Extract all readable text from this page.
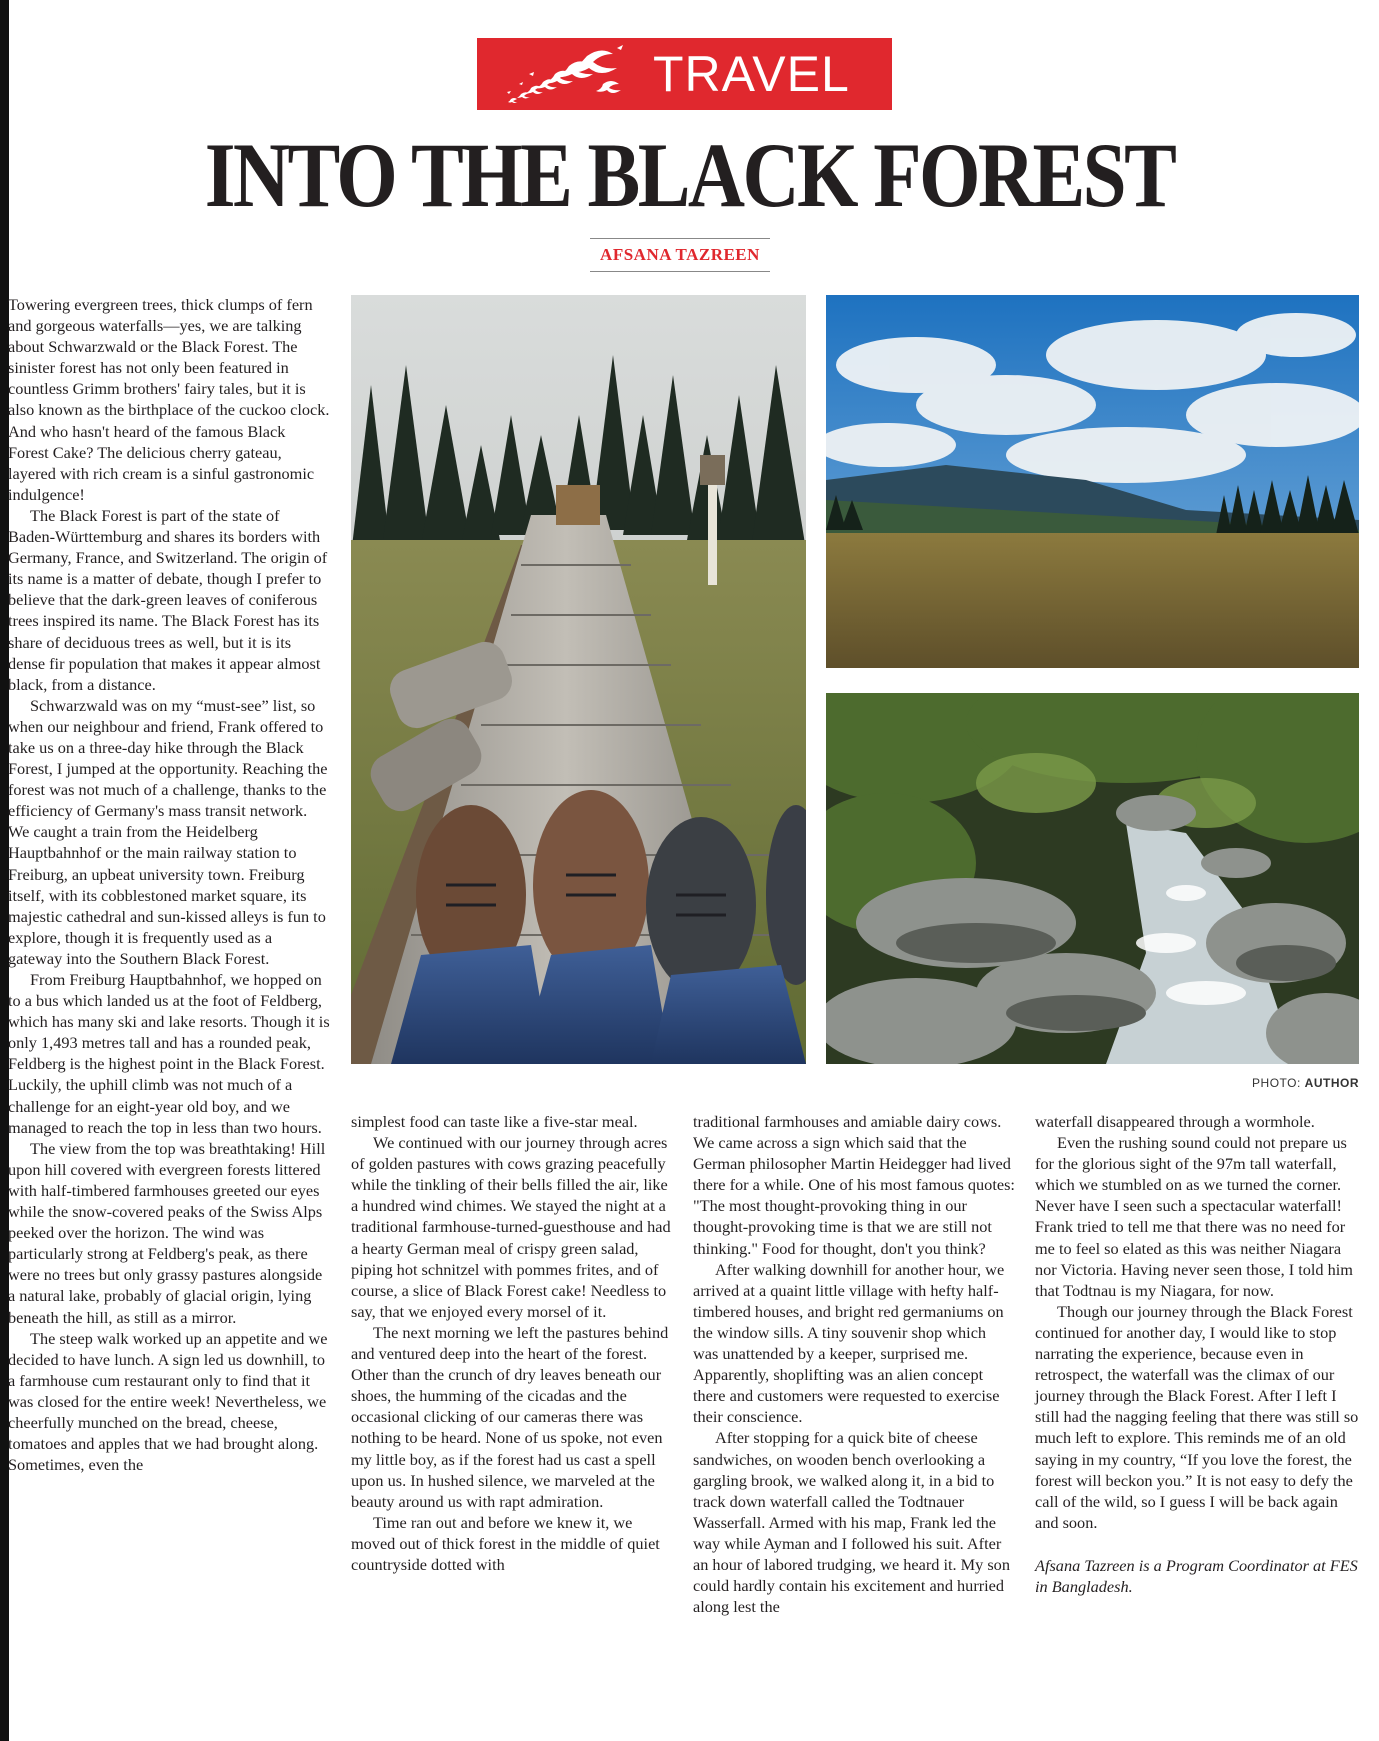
TRAVEL
INTO THE BLACK FOREST
AFSANA TAZREEN

Towering evergreen trees, thick clumps of fern and gorgeous waterfalls—yes, we are talking about Schwarzwald or the Black Forest. The sinister forest has not only been featured in countless Grimm brothers' fairy tales, but it is also known as the birthplace of the cuckoo clock. And who hasn't heard of the famous Black Forest Cake? The delicious cherry gateau, layered with rich cream is a sinful gastronomic indulgence!

The Black Forest is part of the state of Baden-Württemburg and shares its borders with Germany, France, and Switzerland. The origin of its name is a matter of debate, though I prefer to believe that the dark-green leaves of coniferous trees inspired its name. The Black Forest has its share of deciduous trees as well, but it is its dense fir population that makes it appear almost black, from a distance.

Schwarzwald was on my “must-see” list, so when our neighbour and friend, Frank offered to take us on a three-day hike through the Black Forest, I jumped at the opportunity. Reaching the forest was not much of a challenge, thanks to the efficiency of Germany's mass transit network. We caught a train from the Heidelberg Hauptbahnhof or the main railway station to Freiburg, an upbeat university town. Freiburg itself, with its cobblestoned market square, its majestic cathedral and sun-kissed alleys is fun to explore, though it is frequently used as a gateway into the Southern Black Forest.

From Freiburg Hauptbahnhof, we hopped on to a bus which landed us at the foot of Feldberg, which has many ski and lake resorts. Though it is only 1,493 metres tall and has a rounded peak, Feldberg is the highest point in the Black Forest. Luckily, the uphill climb was not much of a challenge for an eight-year old boy, and we managed to reach the top in less than two hours.

The view from the top was breathtaking! Hill upon hill covered with evergreen forests littered with half-timbered farmhouses greeted our eyes while the snow-covered peaks of the Swiss Alps peeked over the horizon. The wind was particularly strong at Feldberg's peak, as there were no trees but only grassy pastures alongside a natural lake, probably of glacial origin, lying beneath the hill, as still as a mirror.

The steep walk worked up an appetite and we decided to have lunch. A sign led us downhill, to a farmhouse cum restaurant only to find that it was closed for the entire week! Nevertheless, we cheerfully munched on the bread, cheese, tomatoes and apples that we had brought along. Sometimes, even the

PHOTO: AUTHOR

simplest food can taste like a five-star meal.

We continued with our journey through acres of golden pastures with cows grazing peacefully while the tinkling of their bells filled the air, like a hundred wind chimes. We stayed the night at a traditional farmhouse-turned-guesthouse and had a hearty German meal of crispy green salad, piping hot schnitzel with pommes frites, and of course, a slice of Black Forest cake! Needless to say, that we enjoyed every morsel of it.

The next morning we left the pastures behind and ventured deep into the heart of the forest. Other than the crunch of dry leaves beneath our shoes, the humming of the cicadas and the occasional clicking of our cameras there was nothing to be heard. None of us spoke, not even my little boy, as if the forest had us cast a spell upon us. In hushed silence, we marveled at the beauty around us with rapt admiration.

Time ran out and before we knew it, we moved out of thick forest in the middle of quiet countryside dotted with

traditional farmhouses and amiable dairy cows. We came across a sign which said that the German philosopher Martin Heidegger had lived there for a while. One of his most famous quotes: "The most thought-provoking thing in our thought-provoking time is that we are still not thinking." Food for thought, don't you think?

After walking downhill for another hour, we arrived at a quaint little village with hefty half-timbered houses, and bright red germaniums on the window sills. A tiny souvenir shop which was unattended by a keeper, surprised me. Apparently, shoplifting was an alien concept there and customers were requested to exercise their conscience.

After stopping for a quick bite of cheese sandwiches, on wooden bench overlooking a gargling brook, we walked along it, in a bid to track down waterfall called the Todtnauer Wasserfall. Armed with his map, Frank led the way while Ayman and I followed his suit. After an hour of labored trudging, we heard it. My son could hardly contain his excitement and hurried along lest the

waterfall disappeared through a wormhole.

Even the rushing sound could not prepare us for the glorious sight of the 97m tall waterfall, which we stumbled on as we turned the corner. Never have I seen such a spectacular waterfall! Frank tried to tell me that there was no need for me to feel so elated as this was neither Niagara nor Victoria. Having never seen those, I told him that Todtnau is my Niagara, for now.

Though our journey through the Black Forest continued for another day, I would like to stop narrating the experience, because even in retrospect, the waterfall was the climax of our journey through the Black Forest. After I left I still had the nagging feeling that there was still so much left to explore. This reminds me of an old saying in my country, “If you love the forest, the forest will beckon you.” It is not easy to defy the call of the wild, so I guess I will be back again and soon.

Afsana Tazreen is a Program Coordinator at FES in Bangladesh.
